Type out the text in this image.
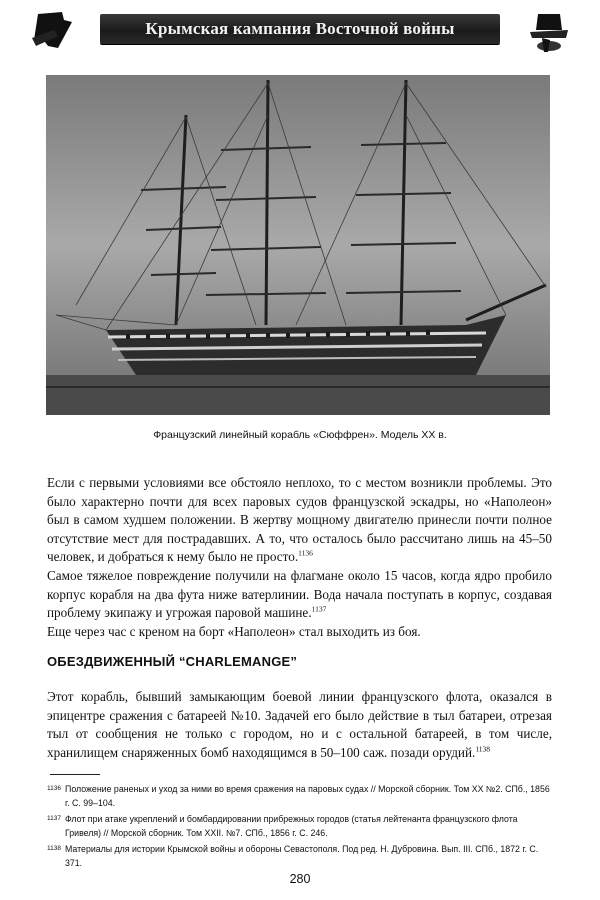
Крымская кампания Восточной войны
Французский линейный корабль «Сюффрен». Модель XX в.

Если с первыми условиями все обстояло неплохо, то с местом возникли проблемы. Это было характерно почти для всех паровых судов французской эскадры, но «Наполеон» был в самом худшем положении. В жертву мощному двигателю принесли почти полное отсутствие мест для пострадавших. А то, что осталось было рассчитано лишь на 45–50 человек, и добраться к нему было не просто.$^{1136}$

Самое тяжелое повреждение получили на флагмане около 15 часов, когда ядро пробило корпус корабля на два фута ниже ватерлинии. Вода начала поступать в корпус, создавая проблему экипажу и угрожая паровой машине.$^{1137}$

Еще через час с креном на борт «Наполеон» стал выходить из боя.

ОБЕЗДВИЖЕННЫЙ “CHARLEMANGE”

Этот корабль, бывший замыкающим боевой линии французского флота, оказался в эпицентре сражения с батареей №10. Задачей его было действие в тыл батареи, отрезая тыл от сообщения не только с городом, но и с остальной батареей, в том числе, хранилищем снаряженных бомб находящимся в 50–100 саж. позади орудий.$^{1138}$

1136 Положение раненых и уход за ними во время сражения на паровых судах // Морской сборник. Том XX №2. СПб., 1856 г. С. 99–104.
1137 Флот при атаке укреплений и бомбардировании прибрежных городов (статья лейтенанта французского флота Гривеля) // Морской сборник. Том XXII. №7. СПб., 1856 г. С. 246.
1138 Материалы для истории Крымской войны и обороны Севастополя. Под ред. Н. Дубровина. Вып. III. СПб., 1872 г. С. 371.
280
